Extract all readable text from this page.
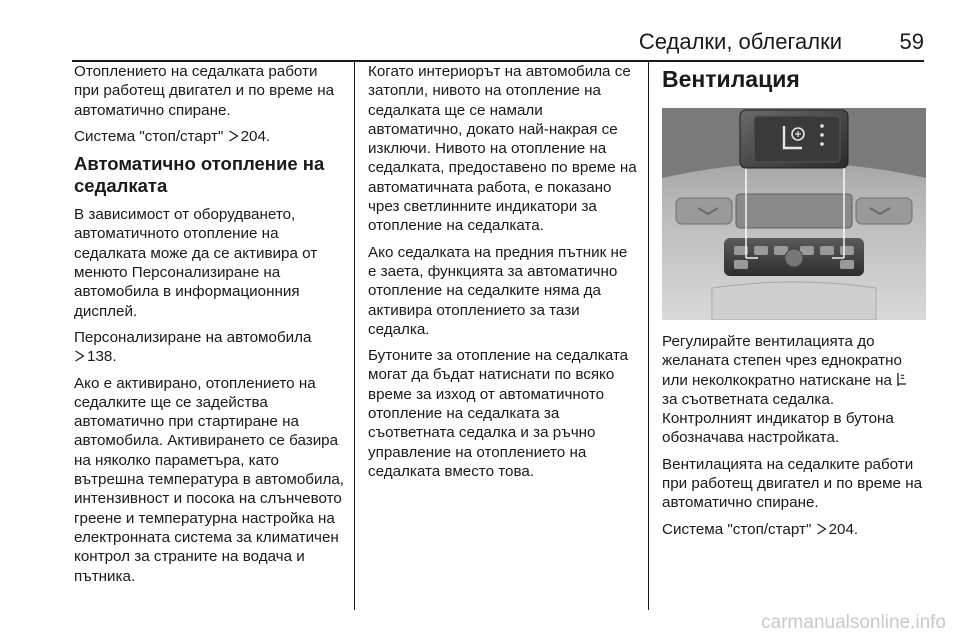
Седалки, облегалки	59

Отоплението на седалката работи при работещ двигател и по време на автоматично спиране.

Система "стоп/старт" 204.

Автоматично отопление на седалката

В зависимост от оборудването, автоматичното отопление на седалката може да се активира от менюто Персонализиране на автомобила в информационния дисплей.

Персонализиране на автомобила
138.

Ако е активирано, отоплението на седалките ще се задейства автоматично при стартиране на автомобила. Активирането се базира на няколко параметъра, като вътрешна температура в автомобила, интензивност и посока на слънчевото греене и температурна настройка на електронната система за климатичен контрол за страните на водача и пътника.

Когато интериорът на автомобила се затопли, нивото на отопление на седалката ще се намали автоматично, докато най-накрая се изключи. Нивото на отопление на седалката, предоставено по време на автоматичната работа, е показано чрез светлинните индикатори за отопление на седалката.

Ако седалката на предния пътник не е заета, функцията за автоматично отопление на седалките няма да активира отоплението за тази седалка.

Бутоните за отопление на седалката могат да бъдат натиснати по всяко време за изход от автоматичното отопление на седалката за съответната седалка и за ръчно управление на отоплението на седалката вместо това.

Вентилация

Регулирайте вентилацията до желаната степен чрез еднократно или неколкократно натискане на
за съответната седалка.
Контролният индикатор в бутона обозначава настройката.

Вентилацията на седалките работи при работещ двигател и по време на автоматично спиране.

Система "стоп/старт" 204.

carmanualsonline.info
